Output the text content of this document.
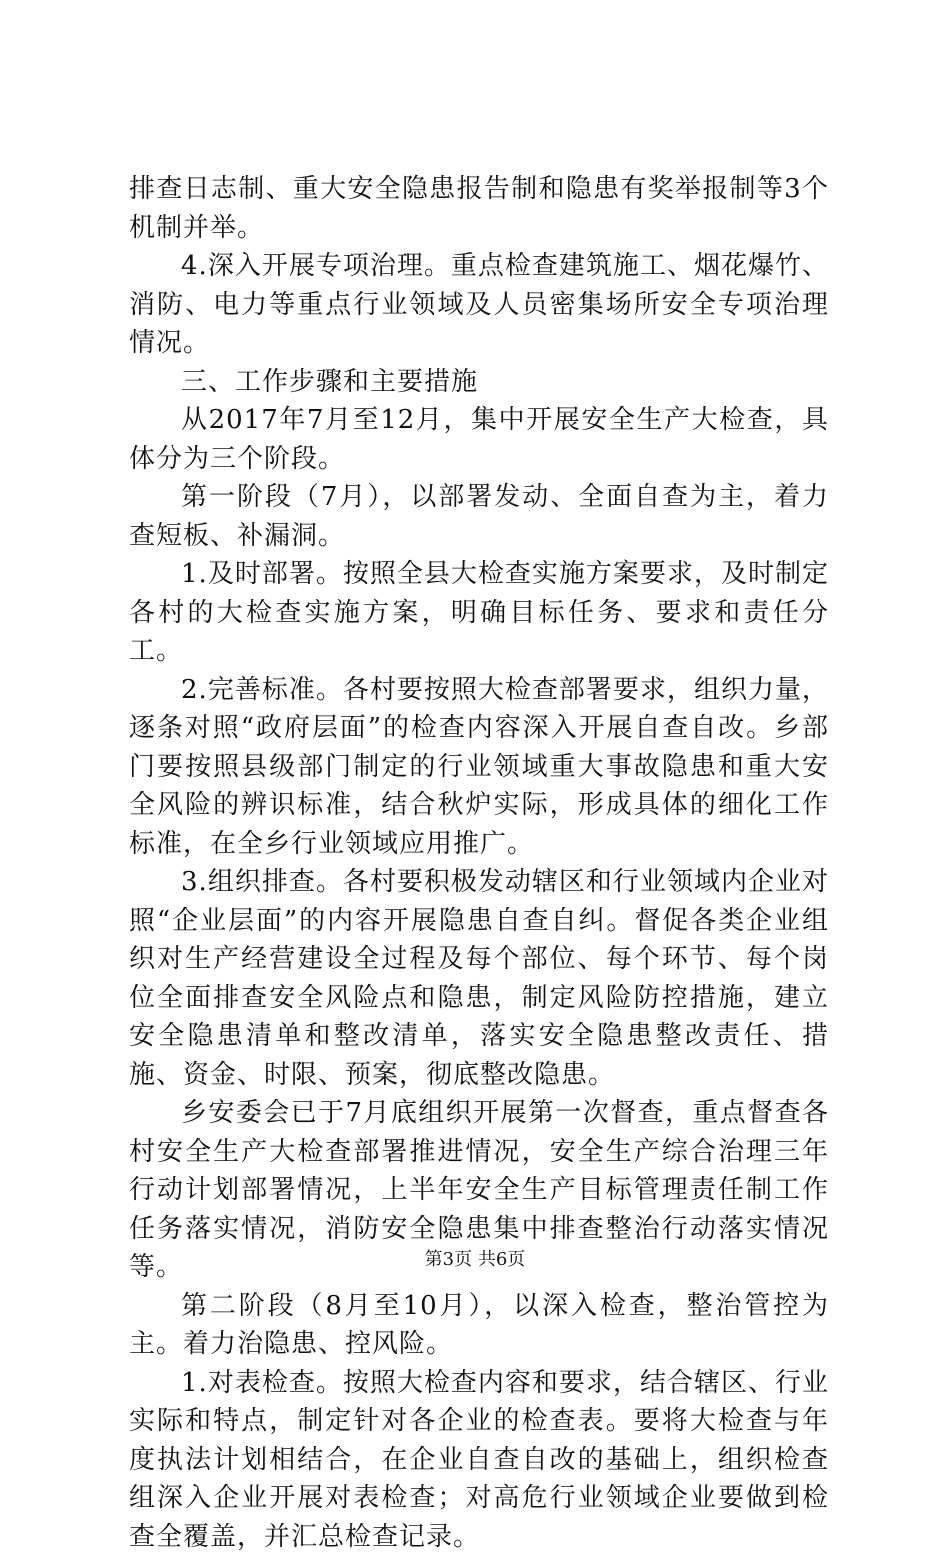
排查日志制、重大安全隐患报告制和隐患有奖举报制等3个机制并举。

4.深入开展专项治理。重点检查建筑施工、烟花爆竹、消防、电力等重点行业领域及人员密集场所安全专项治理情况。

三、工作步骤和主要措施

从2017年7月至12月，集中开展安全生产大检查，具体分为三个阶段。

第一阶段（7月），以部署发动、全面自查为主，着力查短板、补漏洞。

1.及时部署。按照全县大检查实施方案要求，及时制定各村的大检查实施方案，明确目标任务、要求和责任分工。

2.完善标准。各村要按照大检查部署要求，组织力量，逐条对照“政府层面”的检查内容深入开展自查自改。乡部门要按照县级部门制定的行业领域重大事故隐患和重大安全风险的辨识标准，结合秋炉实际，形成具体的细化工作标准，在全乡行业领域应用推广。

3.组织排查。各村要积极发动辖区和行业领域内企业对照“企业层面”的内容开展隐患自查自纠。督促各类企业组织对生产经营建设全过程及每个部位、每个环节、每个岗位全面排查安全风险点和隐患，制定风险防控措施，建立安全隐患清单和整改清单，落实安全隐患整改责任、措施、资金、时限、预案，彻底整改隐患。

乡安委会已于7月底组织开展第一次督查，重点督查各村安全生产大检查部署推进情况，安全生产综合治理三年行动计划部署情况，上半年安全生产目标管理责任制工作任务落实情况，消防安全隐患集中排查整治行动落实情况等。

第二阶段（8月至10月），以深入检查，整治管控为主。着力治隐患、控风险。

1.对表检查。按照大检查内容和要求，结合辖区、行业实际和特点，制定针对各企业的检查表。要将大检查与年度执法计划相结合，在企业自查自改的基础上，组织检查组深入企业开展对表检查；对高危行业领域企业要做到检查全覆盖，并汇总检查记录。

第3页 共6页
